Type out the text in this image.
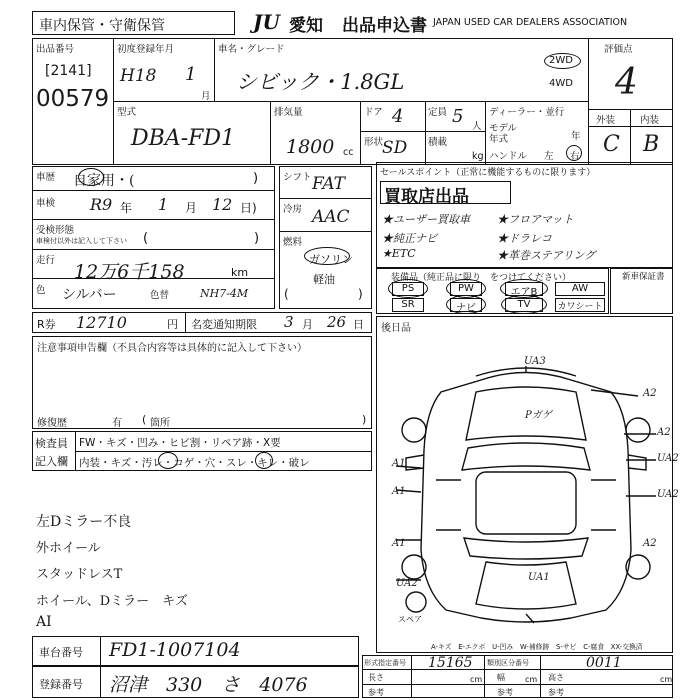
車内保管・守衛保管	JU 愛知 出品申込書 JAPAN USED CAR DEALERS ASSOCIATION
出品番号
[2141]
00579
初度登録年月
H18 1
月
車名・グレード
シビック・1.8GL
2WD
4WD
評価点
4
外装	内装
C B
型式
DBA-FD1
排気量
1800 cc
ドア 4	定員 5 人
形状
SD 積載
kg
ディーラー・並行
モデル
年式	年
ハンドル 左 右
車歴 自家用・(	)
車検 R9 年 1 月 12 日)
受検形態
車検付以外は記入して下さい (	)
走行
12万6千158	km
色 シルバー	色替	NH7-4M
シフト FAT
冷房 AAC
燃料
ガソリン
軽油
(	)
セールスポイント（正常に機能するものに限ります）
買取店出品
★ユーザー買取車 ★フロアマット
★純正ナビ	★ドラレコ
★ETC	★革巻ステアリング
装備品（純正品に限り　をつけてください）
PS	PW	エアB	AW
SR	ナビ	TV	カワシート
新車保証書
R券 12710	円 名変通知期限 3 月 26 日
注意事項申告欄（不具合内容等は具体的に記入して下さい）
修復歴	有 ( 箇所	)
検査員
記入欄
FW・キズ・凹み・ヒビ割・リペア跡・X要
内装・キズ・汚レ・コゲ・穴・スレ・キレ・破レ
後日品
UA3
A2
A2
A1	UA2
A1	UA2
A1
UA1
A2
UA2
Pガゲ
スペア
A-キズ　E-エクボ　U-凹み　W-補修跡　S-サビ　C-腐食　XX-交換済
左Dミラー不良
外ホイール
スタッドレスT
ホイール、Dミラー　キズ
車台番号 FD1-1007104
登録番号 沼津　330　さ　4076
AI
形式指定番号 15165 類別区分番号	0011
長さ	cm 幅	cm 高さ	cm
参考	参考	参考
